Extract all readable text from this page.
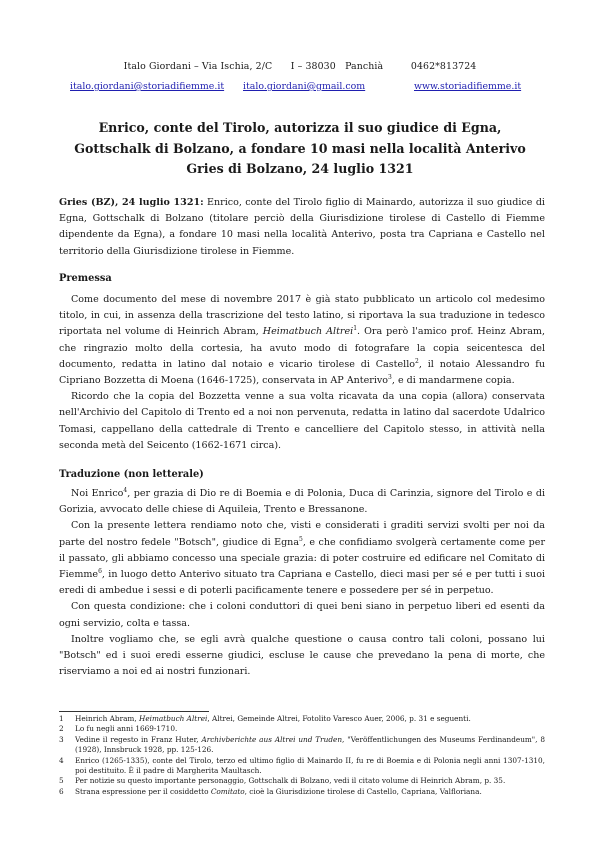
Italo Giordani – Via Ischia, 2/C I – 38030 Panchià	0462*813724
italo.giordani@storiadifiemme.it italo.giordani@gmail.com	www.storiadifiemme.it
Enrico, conte del Tirolo, autorizza il suo giudice di Egna,
Gottschalk di Bolzano, a fondare 10 masi nella località Anterivo
Gries di Bolzano, 24 luglio 1321
Gries (BZ), 24 luglio 1321: Enrico, conte del Tirolo figlio di Mainardo, autorizza il suo giudice di Egna, Gottschalk di Bolzano (titolare perciò della Giurisdizione tirolese di Castello di Fiemme dipendente da Egna), a fondare 10 masi nella località Anterivo, posta tra Capriana e Castello nel territorio della Giurisdizione tirolese in Fiemme.
Premessa

Come documento del mese di novembre 2017 è già stato pubblicato un articolo col medesimo titolo, in cui, in assenza della trascrizione del testo latino, si riportava la sua traduzione in tedesco riportata nel volume di Heinrich Abram, Heimatbuch Altrei$^1$. Ora però l'amico prof. Heinz Abram, che ringrazio molto della cortesia, ha avuto modo di fotografare la copia seicentesca del documento, redatta in latino dal notaio e vicario tirolese di Castello$^2$, il notaio Alessandro fu Cipriano Bozzetta di Moena (1646-1725), conservata in AP Anterivo$^3$, e di mandarmene copia.

Ricordo che la copia del Bozzetta venne a sua volta ricavata da una copia (allora) conservata nell'Archivio del Capitolo di Trento ed a noi non pervenuta, redatta in latino dal sacerdote Udalrico Tomasi, cappellano della cattedrale di Trento e cancelliere del Capitolo stesso, in attività nella seconda metà del Seicento (1662-1671 circa).

Traduzione (non letterale)

Noi Enrico$^4$, per grazia di Dio re di Boemia e di Polonia, Duca di Carinzia, signore del Tirolo e di Gorizia, avvocato delle chiese di Aquileia, Trento e Bressanone.

Con la presente lettera rendiamo noto che, visti e considerati i graditi servizi svolti per noi da parte del nostro fedele "Botsch", giudice di Egna$^5$, e che confidiamo svolgerà certamente come per il passato, gli abbiamo concesso una speciale grazia: di poter costruire ed edificare nel Comitato di Fiemme$^6$, in luogo detto Anterivo situato tra Capriana e Castello, dieci masi per sé e per tutti i suoi eredi di ambedue i sessi e di poterli pacificamente tenere e possedere per sé in perpetuo.

Con questa condizione: che i coloni conduttori di quei beni siano in perpetuo liberi ed esenti da ogni servizio, colta e tassa.

Inoltre vogliamo che, se egli avrà qualche questione o causa contro tali coloni, possano lui "Botsch" ed i suoi eredi esserne giudici, escluse le cause che prevedano la pena di morte, che riserviamo a noi ed ai nostri funzionari.

1	Heinrich Abram, Heimatbuch Altrei, Altrei, Gemeinde Altrei, Fotolito Varesco Auer, 2006, p. 31 e seguenti.
2	Lo fu negli anni 1669-1710.
3	Vedine il regesto in Franz Huter, Archivberichte aus Altrei und Truden, "Veröffentlichungen des Museums Ferdinandeum", 8 (1928), Innsbruck 1928, pp. 125-126.
4	Enrico (1265-1335), conte del Tirolo, terzo ed ultimo figlio di Mainardo II, fu re di Boemia e di Polonia negli anni 1307-1310, poi destituito. È il padre di Margherita Maultasch.
5	Per notizie su questo importante personaggio, Gottschalk di Bolzano, vedi il citato volume di Heinrich Abram, p. 35.
6	Strana espressione per il cosiddetto Comitato, cioè la Giurisdizione tirolese di Castello, Capriana, Valfloriana.
